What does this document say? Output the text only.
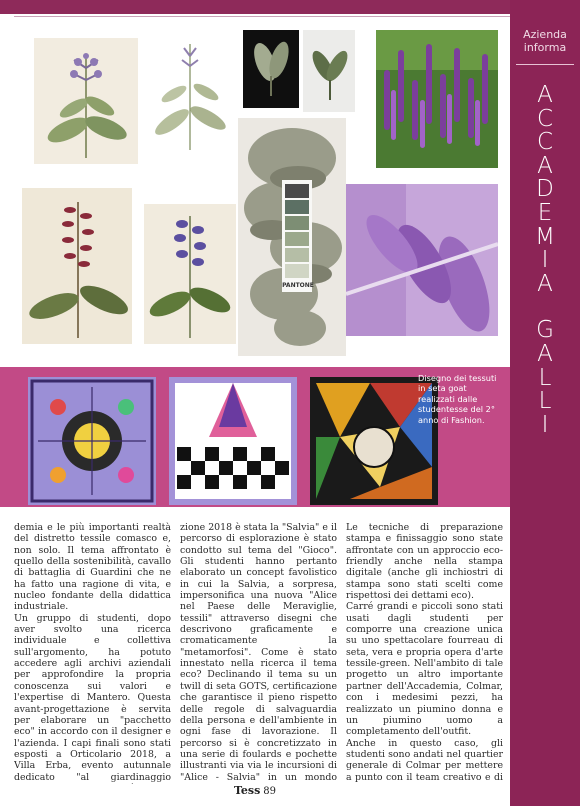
Azienda
informa
A
C
C
A
D
E
M
I
A
G
A
L
L
I
PANTONE
Disegno dei tessuti in seta goat realizzati dalle studentesse del 2° anno di Fashion.

demia e le più importanti realtà del distretto tessile comasco e, non solo. Il tema affrontato è quello della sostenibilità, cavallo di battaglia di Guardini che ne ha fatto una ragione di vita, e nucleo fondante della didattica industriale.

Un gruppo di studenti, dopo aver svolto una ricerca individuale e collettiva sull'argomento, ha potuto accedere agli archivi aziendali per approfondire la propria conoscenza sui valori e l'expertise di Mantero. Questa avant-progettazione è servita per elaborare un "pacchetto eco" in accordo con il designer e l'azienda. I capi finali sono stati esposti a Orticolario 2018, a Villa Erba, evento autunnale dedicato "al giardinaggio

zione 2018 è stata la "Salvia" e il percorso di esplorazione è stato condotto sul tema del "Gioco". Gli studenti hanno pertanto elaborato un concept favolistico in cui la Salvia, a sorpresa, impersonifica una nuova "Alice nel Paese delle Meraviglie, tessili" attraverso disegni che descrivono graficamente e cromaticamente la "metamorfosi". Come è stato innestato nella ricerca il tema eco? Declinando il tema su un twill di seta GOTS, certificazione che garantisce il pieno rispetto delle regole di salvaguardia della persona e dell'ambiente in ogni fase di lavorazione. Il percorso si è concretizzato in una serie di foulards e pochette illustranti via via le incursioni di "Alice - Salvia" in un mondo

Le tecniche di preparazione stampa e finissaggio sono state affrontate con un approccio eco-friendly anche nella stampa digitale (anche gli inchiostri di stampa sono stati scelti come rispettosi dei dettami eco).

Carré grandi e piccoli sono stati usati dagli studenti per comporre una creazione unica su uno spettacolare fourreau di seta, vera e propria opera d'arte tessile-green. Nell'ambito di tale progetto un altro importante partner dell'Accademia, Colmar, con i medesimi pezzi, ha realizzato un piumino donna e un piumino uomo a completamento dell'outfit.

Anche in questo caso, gli studenti sono andati nel quartier generale di Colmar per mettere a punto con il team creativo e di

Tess 89
